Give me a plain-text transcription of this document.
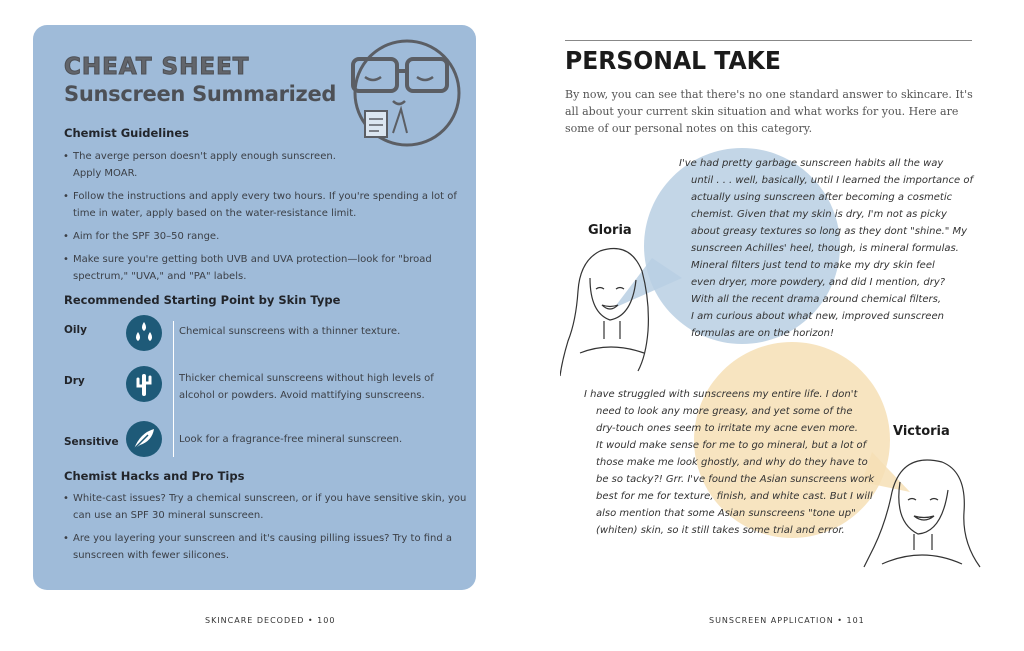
CHEAT SHEET
Sunscreen Summarized
Chemist Guidelines
• The averge person doesn't apply enough sunscreen.
Apply MOAR.
• Follow the instructions and apply every two hours. If you're spending a lot of
time in water, apply based on the water-resistance limit.
• Aim for the SPF 30–50 range.
• Make sure you're getting both UVB and UVA protection—look for "broad
spectrum," "UVA," and "PA" labels.
Recommended Starting Point by Skin Type
Oily	Chemical sunscreens with a thinner texture.
Dry	Thicker chemical sunscreens without high levels of
alcohol or powders. Avoid mattifying sunscreens.
Sensitive	Look for a fragrance-free mineral sunscreen.
Chemist Hacks and Pro Tips
• White-cast issues? Try a chemical sunscreen, or if you have sensitive skin, you
can use an SPF 30 mineral sunscreen.
• Are you layering your sunscreen and it's causing pilling issues? Try to find a
sunscreen with fewer silicones.
SKINCARE DECODED • 100
PERSONAL TAKE
By now, you can see that there's no one standard answer to skincare. It's all about your current skin situation and what works for you. Here are some of our personal notes on this category.
Gloria
I've had pretty garbage sunscreen habits all the way
until . . . well, basically, until I learned the importance of
actually using sunscreen after becoming a cosmetic
chemist. Given that my skin is dry, I'm not as picky
about greasy textures so long as they dont "shine." My
sunscreen Achilles' heel, though, is mineral formulas.
Mineral filters just tend to make my dry skin feel
even dryer, more powdery, and did I mention, dry?
With all the recent drama around chemical filters,
I am curious about what new, improved sunscreen
formulas are on the horizon!
Victoria
I have struggled with sunscreens my entire life. I don't
need to look any more greasy, and yet some of the
dry-touch ones seem to irritate my acne even more.
It would make sense for me to go mineral, but a lot of
those make me look ghostly, and why do they have to
be so tacky?! Grr. I've found the Asian sunscreens work
best for me for texture, finish, and white cast. But I will
also mention that some Asian sunscreens "tone up"
(whiten) skin, so it still takes some trial and error.
SUNSCREEN APPLICATION • 101
